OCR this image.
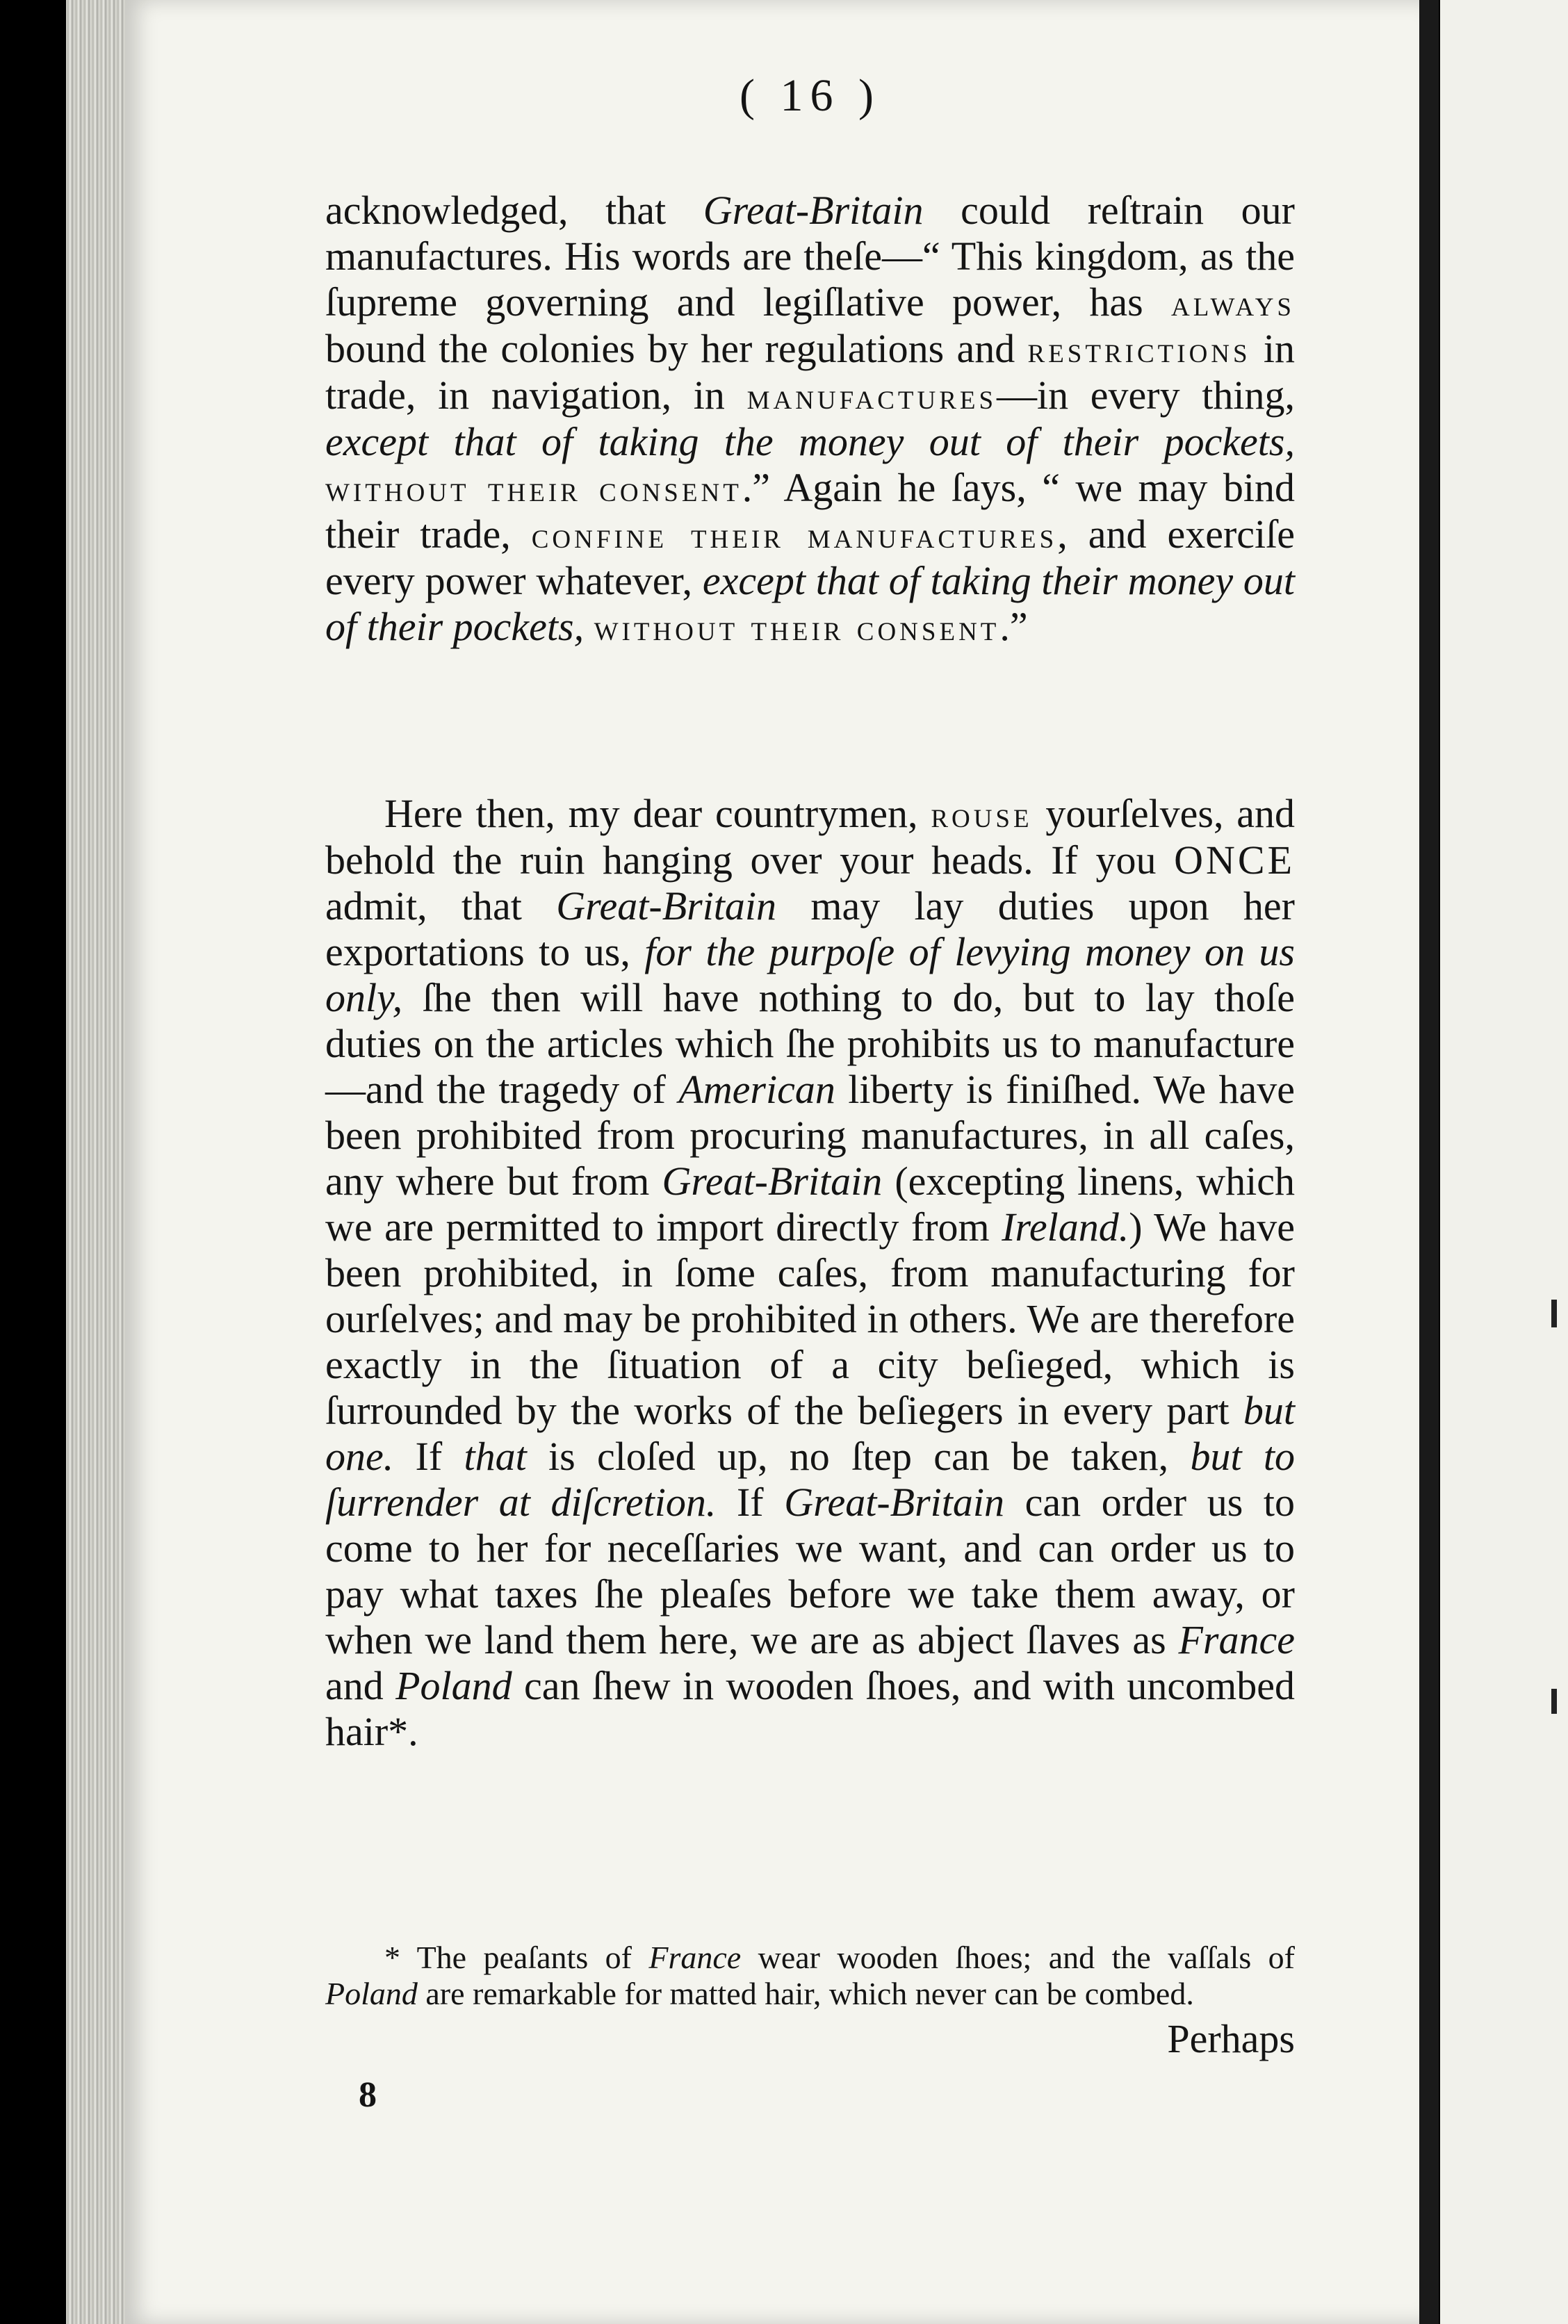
( 16 )

acknowledged, that Great-Britain could reſtrain our manufactures. His words are theſe—“ This kingdom, as the ſupreme governing and legiſlative power, has always bound the colonies by her regulations and restrictions in trade, in navigation, in manufactures—in every thing, except that of taking the money out of their pockets, without their consent.” Again he ſays, “ we may bind their trade, confine their manufactures, and exerciſe every power whatever, except that of taking their money out of their pockets, without their consent.”

Here then, my dear countrymen, rouse yourſelves, and behold the ruin hanging over your heads. If you ONCE admit, that Great-Britain may lay duties upon her exportations to us, for the purpoſe of levying money on us only, ſhe then will have nothing to do, but to lay thoſe duties on the articles which ſhe prohibits us to manufacture—and the tragedy of American liberty is finiſhed. We have been prohibited from procuring manufactures, in all caſes, any where but from Great-Britain (excepting linens, which we are permitted to import directly from Ireland.) We have been prohibited, in ſome caſes, from manufacturing for ourſelves; and may be prohibited in others. We are therefore exactly in the ſituation of a city beſieged, which is ſurrounded by the works of the beſiegers in every part but one. If that is cloſed up, no ſtep can be taken, but to ſurrender at diſcretion. If Great-Britain can order us to come to her for neceſſaries we want, and can order us to pay what taxes ſhe pleaſes before we take them away, or when we land them here, we are as abject ſlaves as France and Poland can ſhew in wooden ſhoes, and with uncombed hair*.

* The peaſants of France wear wooden ſhoes; and the vaſſals of Poland are remarkable for matted hair, which never can be combed.

Perhaps
8
